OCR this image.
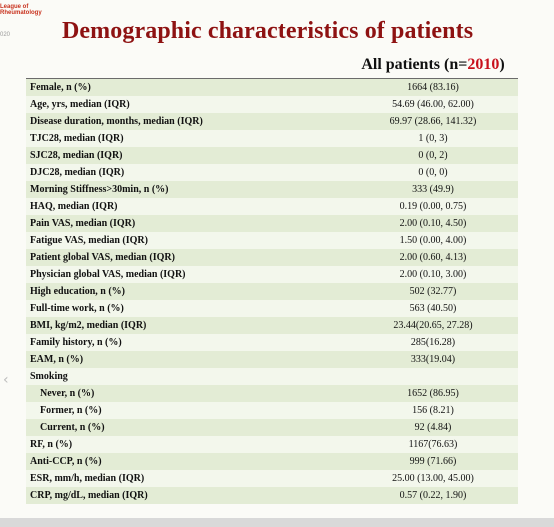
League of
Rheumatology
020 Demographic characteristics of patients
All patients (n=2010)
Female, n (%)	1664 (83.16)
Age, yrs, median (IQR)	54.69 (46.00, 62.00)
Disease duration, months, median (IQR)	69.97 (28.66, 141.32)
TJC28, median (IQR)	1 (0, 3)
SJC28, median (IQR)	0 (0, 2)
DJC28, median (IQR)	0 (0, 0)
Morning Stiffness>30min, n (%)	333 (49.9)
HAQ, median (IQR)	0.19 (0.00, 0.75)
Pain VAS, median (IQR)	2.00 (0.10, 4.50)
Fatigue VAS, median (IQR)	1.50 (0.00, 4.00)
Patient global VAS, median (IQR)	2.00 (0.60, 4.13)
Physician global VAS, median (IQR)	2.00 (0.10, 3.00)
High education, n (%)	502 (32.77)
Full-time work, n (%)	563 (40.50)
BMI, kg/m2, median (IQR)	23.44(20.65, 27.28)
Family history, n (%)	285(16.28)
EAM, n (%)	333(19.04)
Smoking
Never, n (%)	1652 (86.95)
Former, n (%)	156 (8.21)
Current, n (%)	92 (4.84)
RF, n (%)	1167(76.63)
Anti-CCP, n (%)	999 (71.66)
ESR, mm/h, median (IQR)	25.00 (13.00, 45.00)
CRP, mg/dL, median (IQR)	0.57 (0.22, 1.90)
‹
